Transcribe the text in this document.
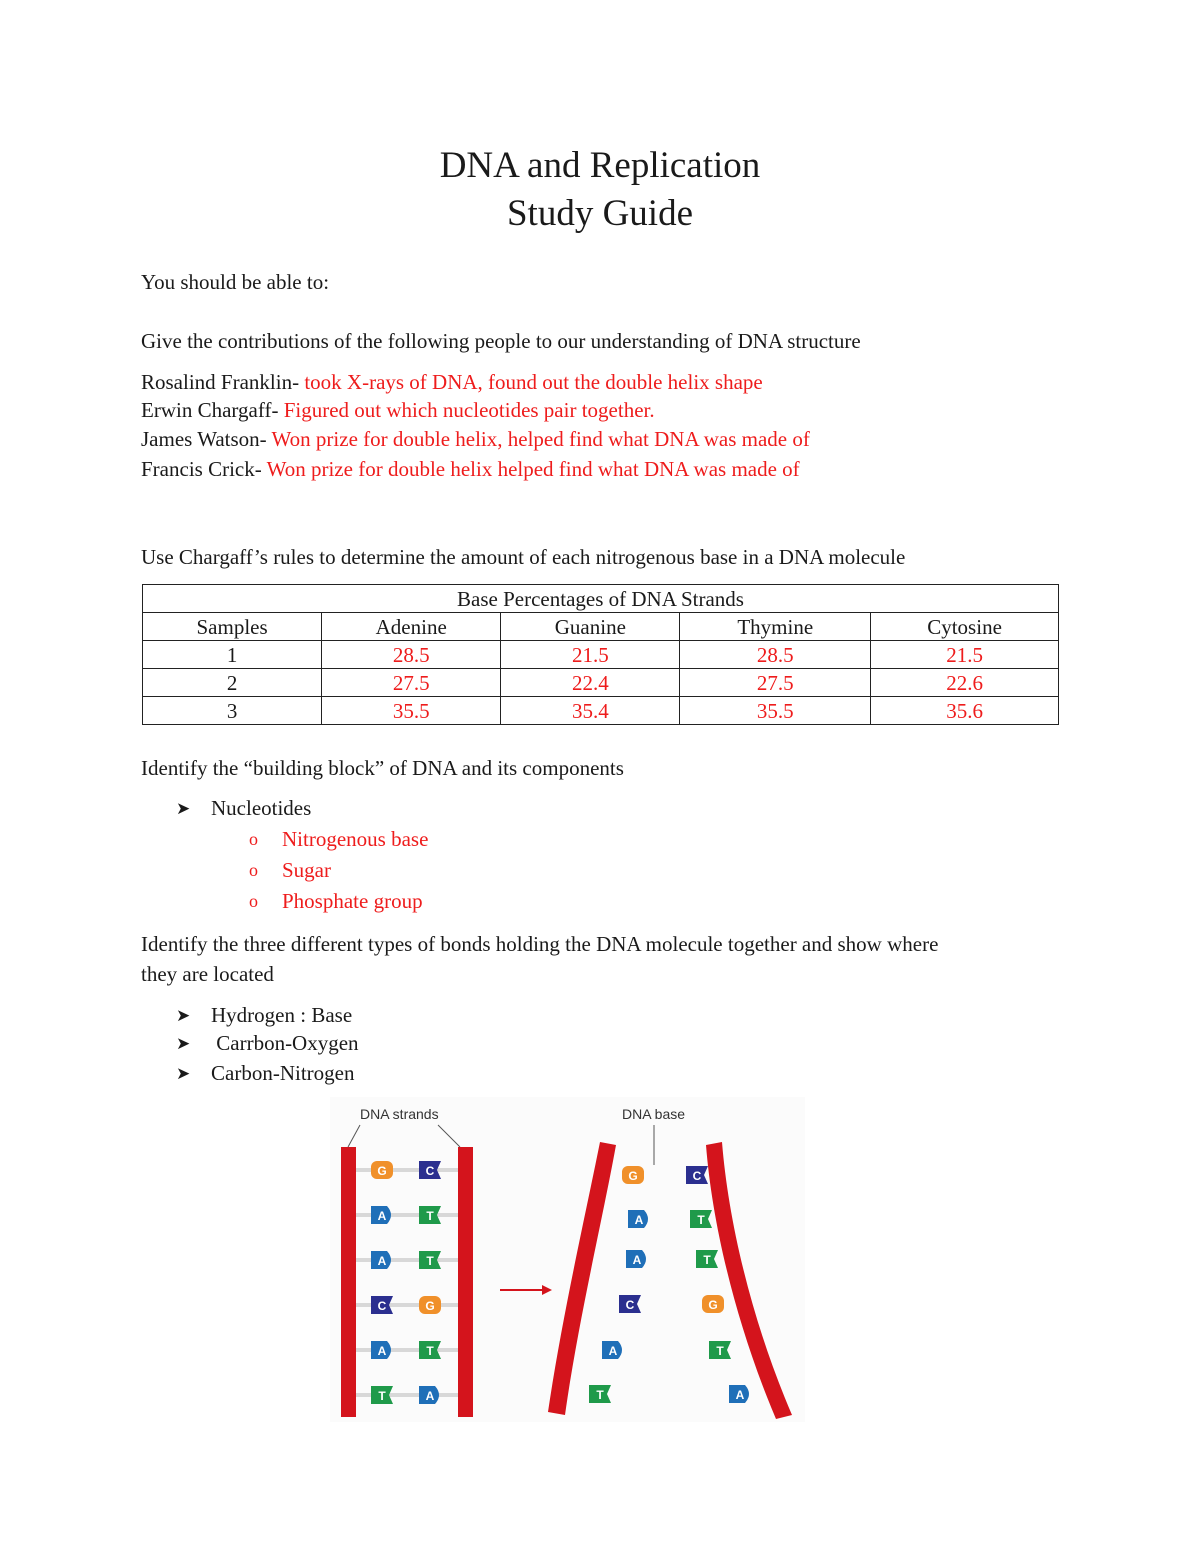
DNA and Replication
Study Guide
You should be able to:
Give the contributions of the following people to our understanding of DNA structure
Rosalind Franklin- took X-rays of DNA, found out the double helix shape
Erwin Chargaff- Figured out which nucleotides pair together.
James Watson- Won prize for double helix, helped find what DNA was made of
Francis Crick- Won prize for double helix helped find what DNA was made of
Use Chargaff’s rules to determine the amount of each nitrogenous base in a DNA molecule
Base Percentages of DNA Strands				
Samples	Adenine	Guanine	Thymine	Cytosine
1	28.5	21.5	28.5	21.5
2	27.5	22.4	27.5	22.6
3	35.5	35.4	35.5	35.6
Identify the “building block” of DNA and its components
➤ Nucleotides
o Nitrogenous base
o Sugar
o Phosphate group
Identify the three different types of bonds holding the DNA molecule together and show where
they are located
➤ Hydrogen : Base
➤ Carrbon-Oxygen
➤ Carbon-Nitrogen
DNA strands	DNA base
G	C
A	T
A	T
C	G
A	T
T	A
G
A
A
C
A
T
C
T
T
G
T
A
